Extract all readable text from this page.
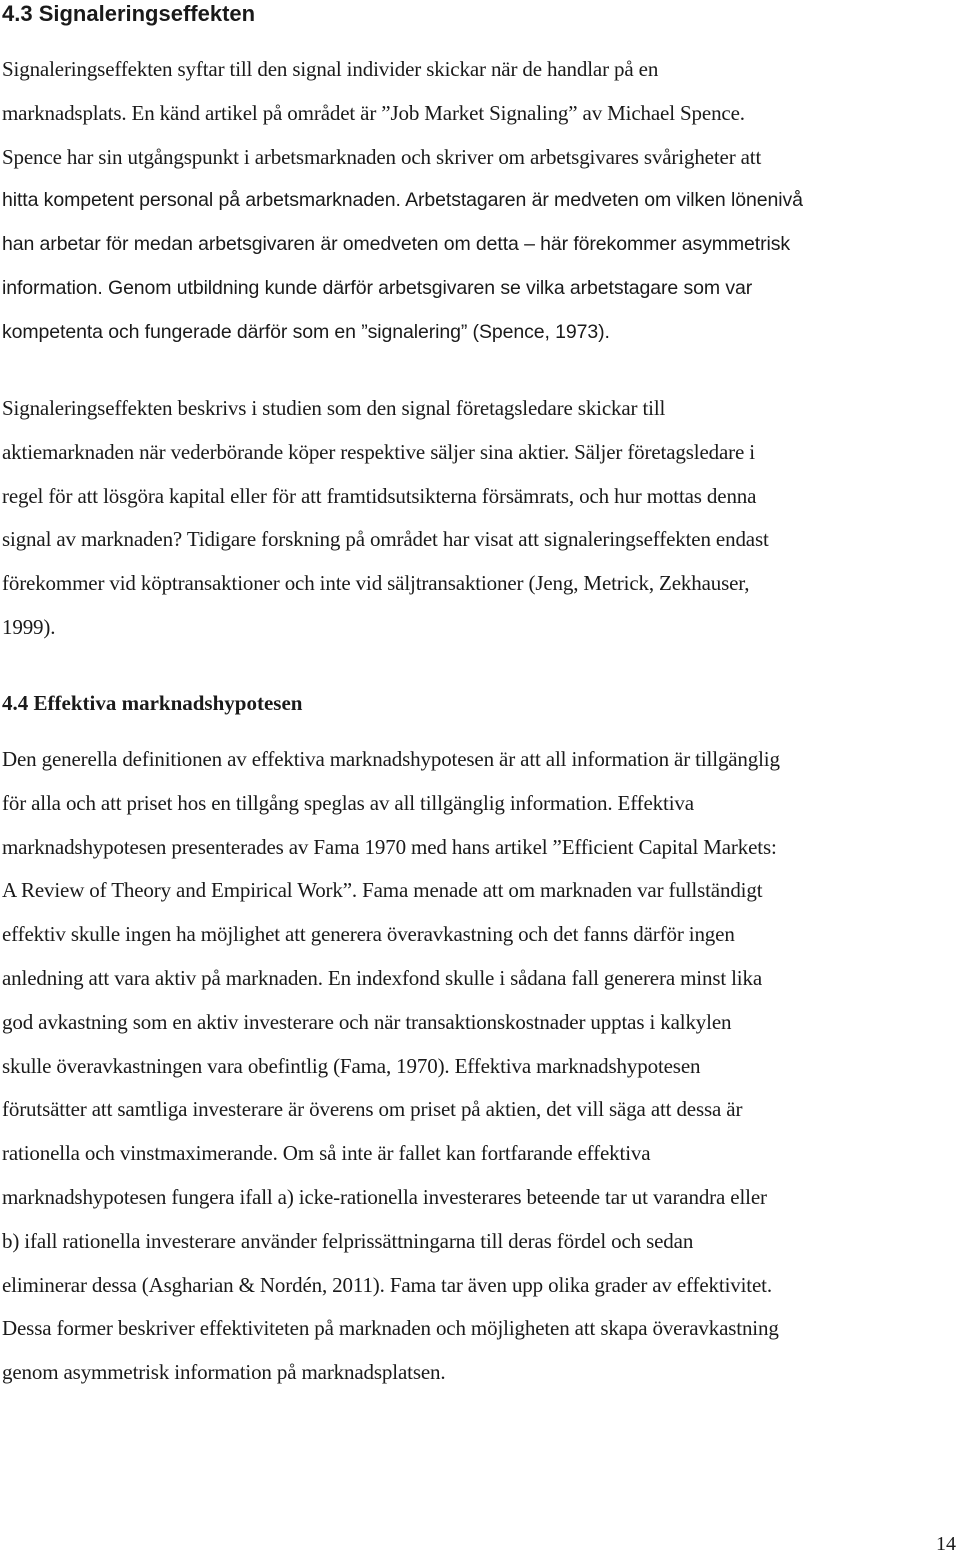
4.3 Signaleringseffekten
Signaleringseffekten syftar till den signal individer skickar när de handlar på en
marknadsplats. En känd artikel på området är ”Job Market Signaling” av Michael Spence.
Spence har sin utgångspunkt i arbetsmarknaden och skriver om arbetsgivares svårigheter att
hitta kompetent personal på arbetsmarknaden. Arbetstagaren är medveten om vilken lönenivå
han arbetar för medan arbetsgivaren är omedveten om detta – här förekommer asymmetrisk
information. Genom utbildning kunde därför arbetsgivaren se vilka arbetstagare som var
kompetenta och fungerade därför som en ”signalering” (Spence, 1973).
Signaleringseffekten beskrivs i studien som den signal företagsledare skickar till
aktiemarknaden när vederbörande köper respektive säljer sina aktier. Säljer företagsledare i
regel för att lösgöra kapital eller för att framtidsutsikterna försämrats, och hur mottas denna
signal av marknaden? Tidigare forskning på området har visat att signaleringseffekten endast
förekommer vid köptransaktioner och inte vid säljtransaktioner (Jeng, Metrick, Zekhauser,
1999).
4.4 Effektiva marknadshypotesen
Den generella definitionen av effektiva marknadshypotesen är att all information är tillgänglig
för alla och att priset hos en tillgång speglas av all tillgänglig information. Effektiva
marknadshypotesen presenterades av Fama 1970 med hans artikel ”Efficient Capital Markets:
A Review of Theory and Empirical Work”. Fama menade att om marknaden var fullständigt
effektiv skulle ingen ha möjlighet att generera överavkastning och det fanns därför ingen
anledning att vara aktiv på marknaden. En indexfond skulle i sådana fall generera minst lika
god avkastning som en aktiv investerare och när transaktionskostnader upptas i kalkylen
skulle överavkastningen vara obefintlig (Fama, 1970). Effektiva marknadshypotesen
förutsätter att samtliga investerare är överens om priset på aktien, det vill säga att dessa är
rationella och vinstmaximerande. Om så inte är fallet kan fortfarande effektiva
marknadshypotesen fungera ifall a) icke-rationella investerares beteende tar ut varandra eller
b) ifall rationella investerare använder felprissättningarna till deras fördel och sedan
eliminerar dessa (Asgharian & Nordén, 2011). Fama tar även upp olika grader av effektivitet.
Dessa former beskriver effektiviteten på marknaden och möjligheten att skapa överavkastning
genom asymmetrisk information på marknadsplatsen.
14
